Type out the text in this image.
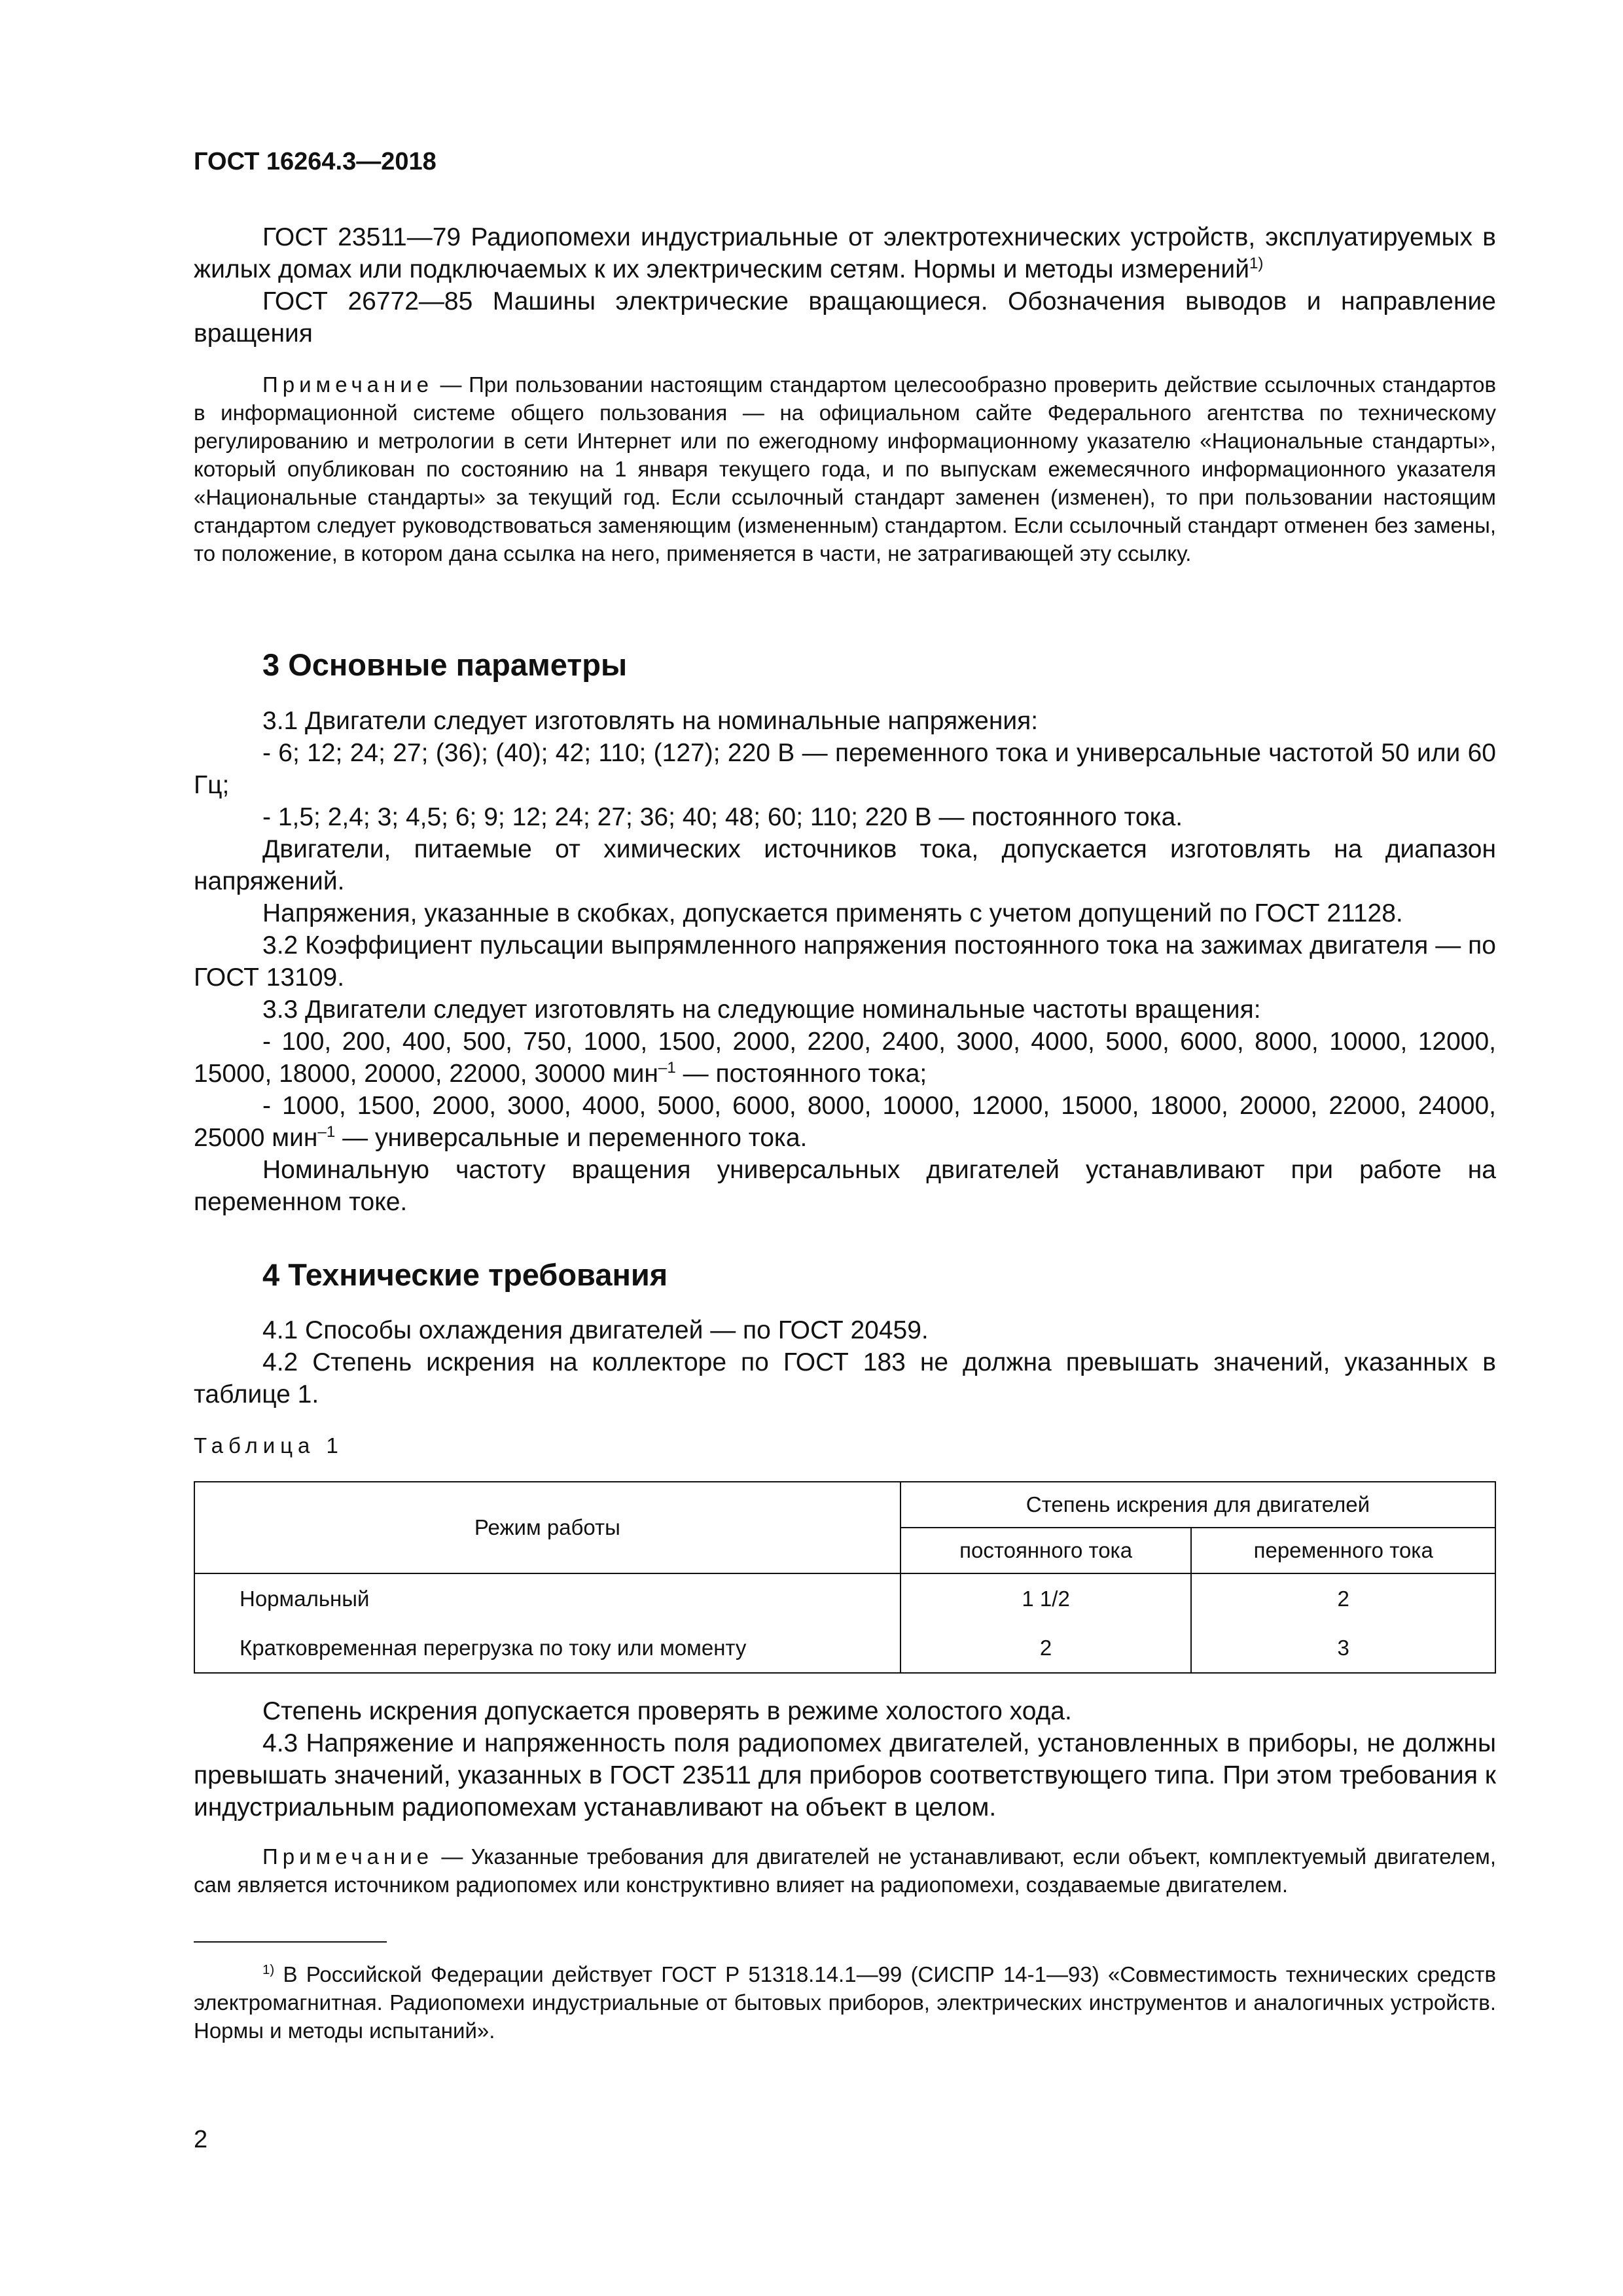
ГОСТ 16264.3—2018

ГОСТ 23511—79 Радиопомехи индустриальные от электротехнических устройств, эксплуатируемых в жилых домах или подключаемых к их электрическим сетям. Нормы и методы измерений$^{1)}$

ГОСТ 26772—85 Машины электрические вращающиеся. Обозначения выводов и направление вращения

Примечание — При пользовании настоящим стандартом целесообразно проверить действие ссылочных стандартов в информационной системе общего пользования — на официальном сайте Федерального агентства по техническому регулированию и метрологии в сети Интернет или по ежегодному информационному указателю «Национальные стандарты», который опубликован по состоянию на 1 января текущего года, и по выпускам ежемесячного информационного указателя «Национальные стандарты» за текущий год. Если ссылочный стандарт заменен (изменен), то при пользовании настоящим стандартом следует руководствоваться заменяющим (измененным) стандартом. Если ссылочный стандарт отменен без замены, то положение, в котором дана ссылка на него, применяется в части, не затрагивающей эту ссылку.

3 Основные параметры

3.1 Двигатели следует изготовлять на номинальные напряжения:

- 6; 12; 24; 27; (36); (40); 42; 110; (127); 220 В — переменного тока и универсальные частотой 50 или 60 Гц;

- 1,5; 2,4; 3; 4,5; 6; 9; 12; 24; 27; 36; 40; 48; 60; 110; 220 В — постоянного тока.

Двигатели, питаемые от химических источников тока, допускается изготовлять на диапазон напряжений.

Напряжения, указанные в скобках, допускается применять с учетом допущений по ГОСТ 21128.

3.2 Коэффициент пульсации выпрямленного напряжения постоянного тока на зажимах двигателя — по ГОСТ 13109.

3.3 Двигатели следует изготовлять на следующие номинальные частоты вращения:

- 100, 200, 400, 500, 750, 1000, 1500, 2000, 2200, 2400, 3000, 4000, 5000, 6000, 8000, 10000, 12000, 15000, 18000, 20000, 22000, 30000 мин$^{-1}$ — постоянного тока;

- 1000, 1500, 2000, 3000, 4000, 5000, 6000, 8000, 10000, 12000, 15000, 18000, 20000, 22000, 24000, 25000 мин$^{-1}$ — универсальные и переменного тока.

Номинальную частоту вращения универсальных двигателей устанавливают при работе на переменном токе.

4 Технические требования

4.1 Способы охлаждения двигателей — по ГОСТ 20459.

4.2 Степень искрения на коллекторе по ГОСТ 183 не должна превышать значений, указанных в таблице 1.

Таблица 1
Режим работы	Степень искрения для двигателей	
	постоянного тока	переменного тока
Нормальный	1 1/2	2
Кратковременная перегрузка по току или моменту	2	3

Степень искрения допускается проверять в режиме холостого хода.

4.3 Напряжение и напряженность поля радиопомех двигателей, установленных в приборы, не должны превышать значений, указанных в ГОСТ 23511 для приборов соответствующего типа. При этом требования к индустриальным радиопомехам устанавливают на объект в целом.

Примечание — Указанные требования для двигателей не устанавливают, если объект, комплектуемый двигателем, сам является источником радиопомех или конструктивно влияет на радиопомехи, создаваемые двигателем.

$^{1)}$ В Российской Федерации действует ГОСТ Р 51318.14.1—99 (СИСПР 14-1—93) «Совместимость технических средств электромагнитная. Радиопомехи индустриальные от бытовых приборов, электрических инструментов и аналогичных устройств. Нормы и методы испытаний».

2
